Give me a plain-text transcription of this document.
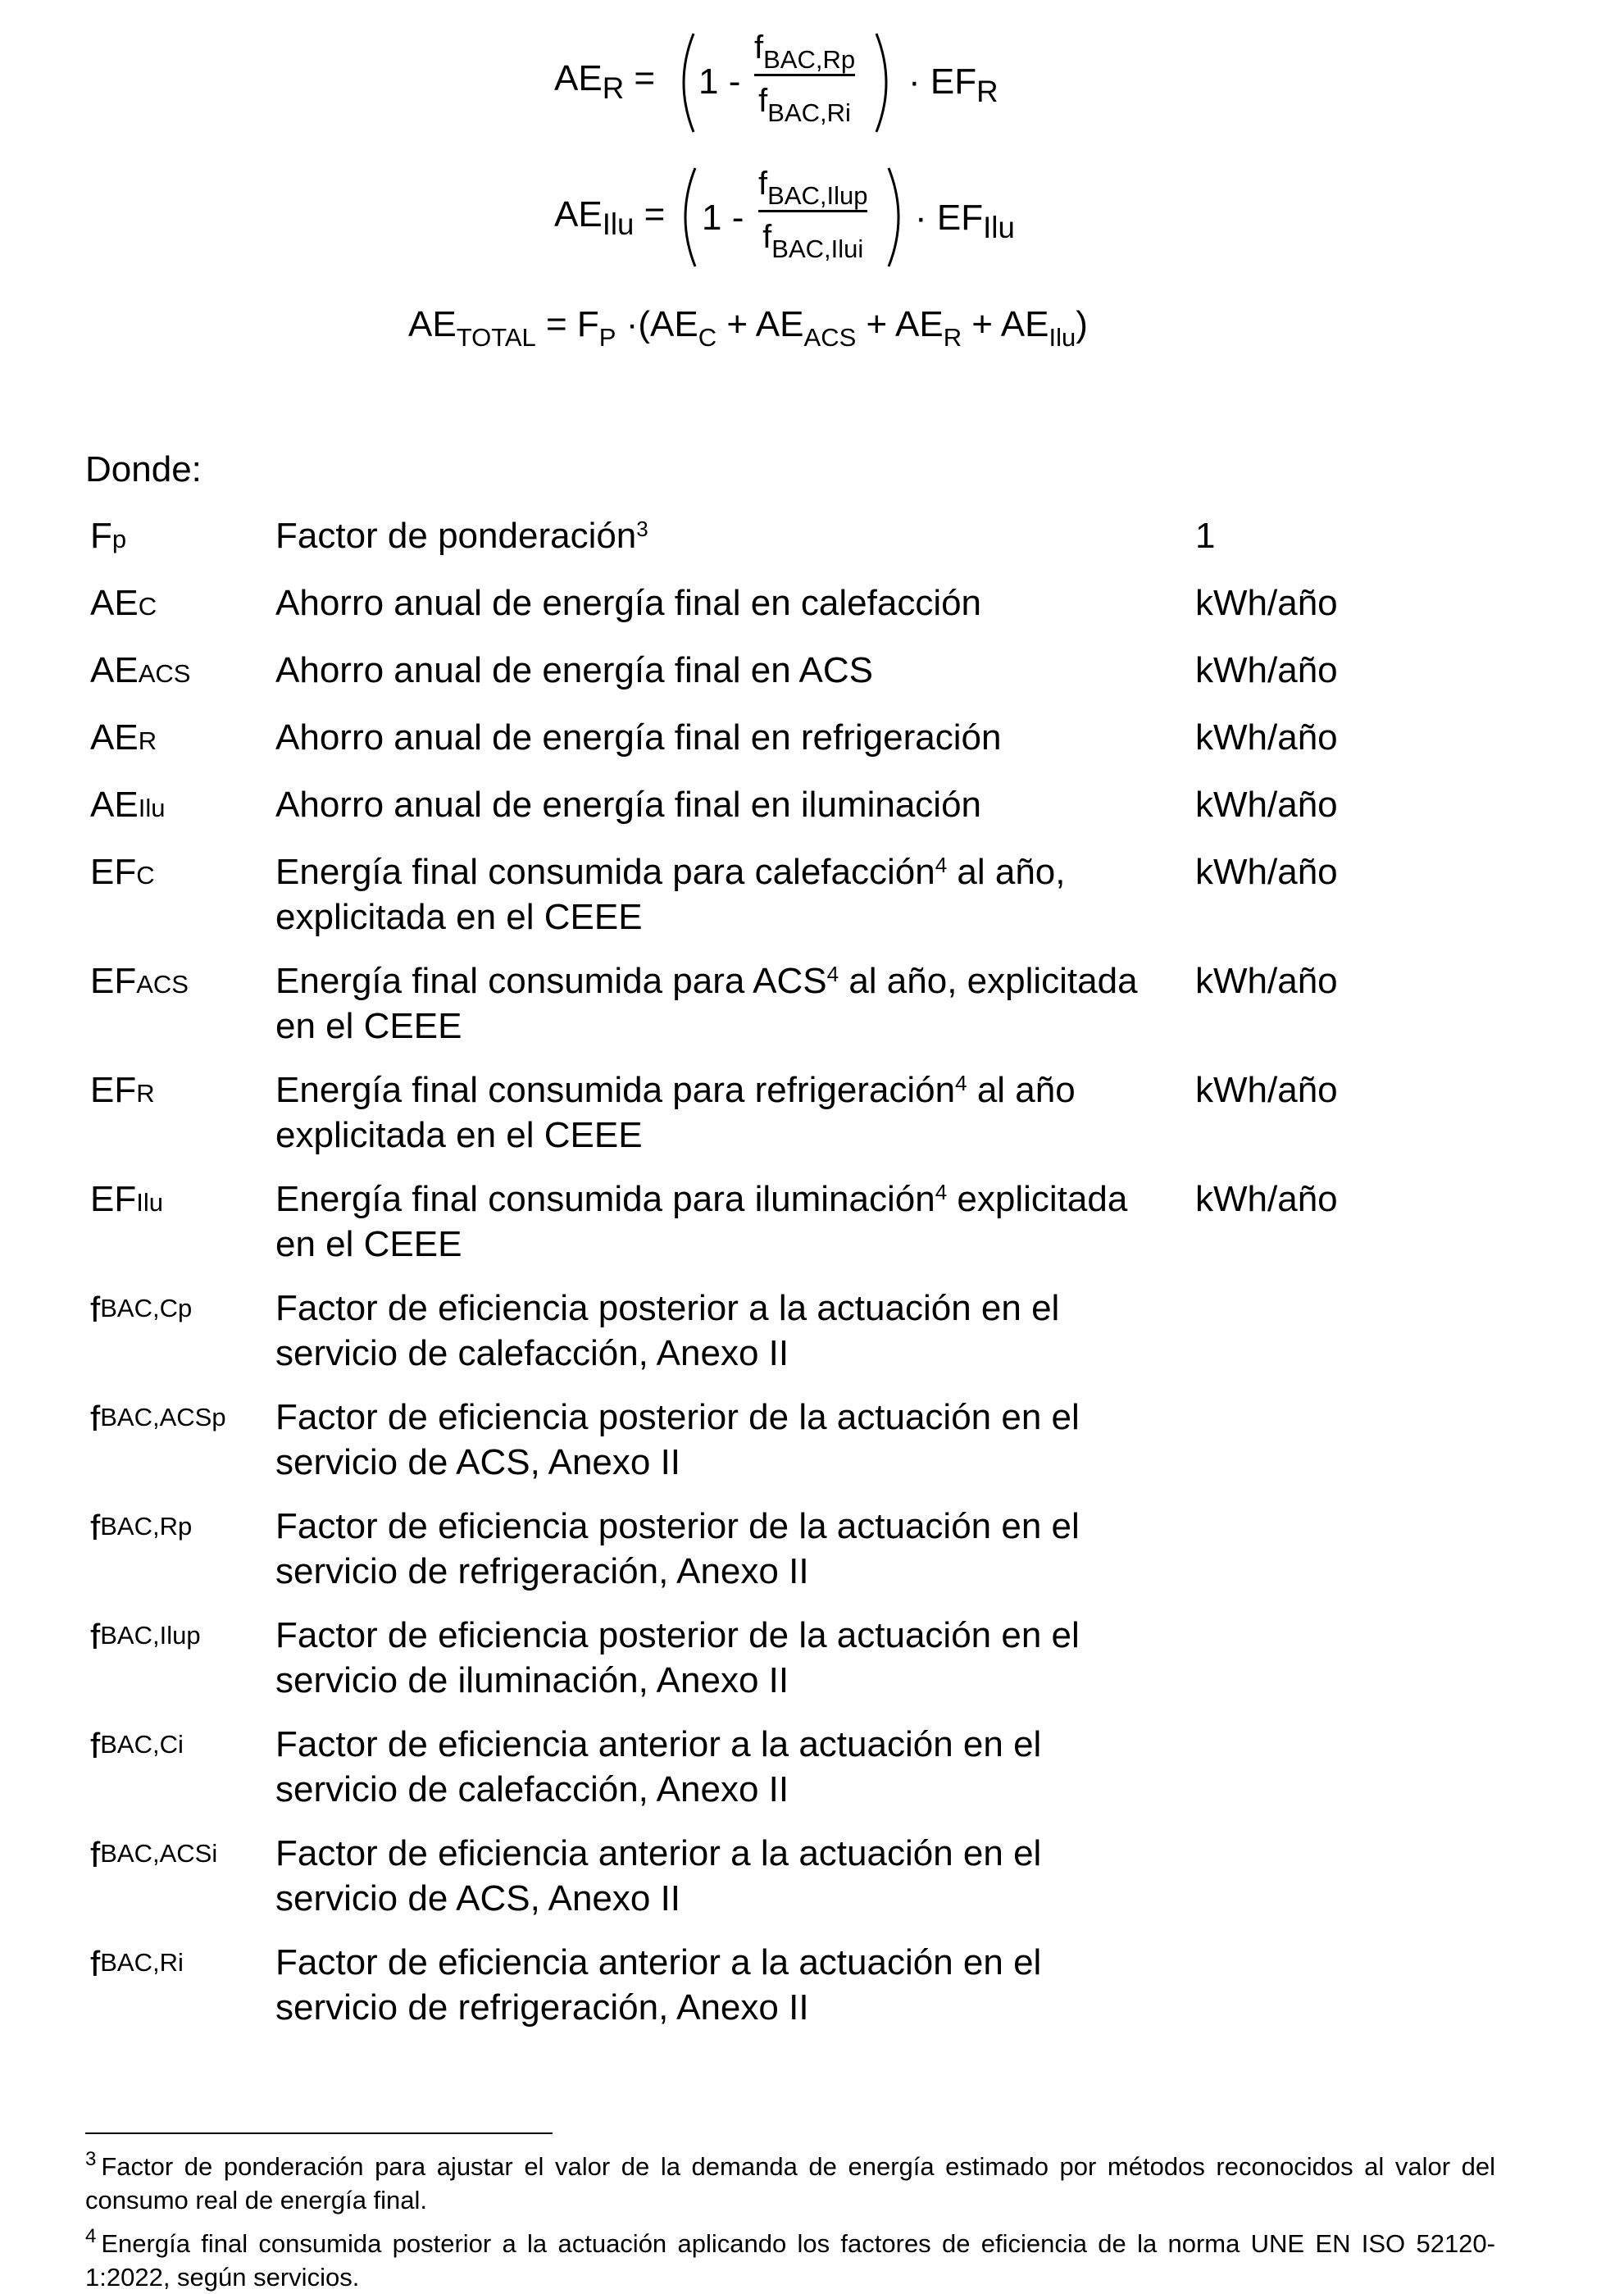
$AE_R = 1$ -
$f_{BAC,Rp}$
$f_{BAC,Ri}$
· $EF_R$
$AE_{Ilu} = 1$ -
$f_{BAC,Ilup}$
$f_{BAC,Ilui}$
· $EF_{Ilu}$
$AE_{TOTAL} = F_P \cdot(AE_C + AE_{ACS} + AE_R + AE_{Ilu})$
Donde:
Fp	Factor de ponderación$^3$	1
AEC	Ahorro anual de energía final en calefacción	kWh/año
AEACS	Ahorro anual de energía final en ACS	kWh/año
AER	Ahorro anual de energía final en refrigeración	kWh/año
AEIlu	Ahorro anual de energía final en iluminación	kWh/año
EFC	Energía final consumida para calefacción$^4$ al año, explicitada en el CEEE	kWh/año
EFACS	Energía final consumida para ACS$^4$ al año, explicitada en el CEEE	kWh/año
EFR	Energía final consumida para refrigeración$^4$ al año explicitada en el CEEE	kWh/año
EFIlu	Energía final consumida para iluminación$^4$ explicitada en el CEEE	kWh/año
fBAC,Cp	Factor de eficiencia posterior a la actuación en el servicio de calefacción, Anexo II	
fBAC,ACSp	Factor de eficiencia posterior de la actuación en el servicio de ACS, Anexo II	
fBAC,Rp	Factor de eficiencia posterior de la actuación en el servicio de refrigeración, Anexo II	
fBAC,Ilup	Factor de eficiencia posterior de la actuación en el servicio de iluminación, Anexo II	
fBAC,Ci	Factor de eficiencia anterior a la actuación en el servicio de calefacción, Anexo II	
fBAC,ACSi	Factor de eficiencia anterior a la actuación en el servicio de ACS, Anexo II	
fBAC,Ri	Factor de eficiencia anterior a la actuación en el servicio de refrigeración, Anexo II	
$^3$ Factor de ponderación para ajustar el valor de la demanda de energía estimado por métodos reconocidos al valor del consumo real de energía final.
$^4$ Energía final consumida posterior a la actuación aplicando los factores de eficiencia de la norma UNE EN ISO 52120-1:2022, según servicios.
